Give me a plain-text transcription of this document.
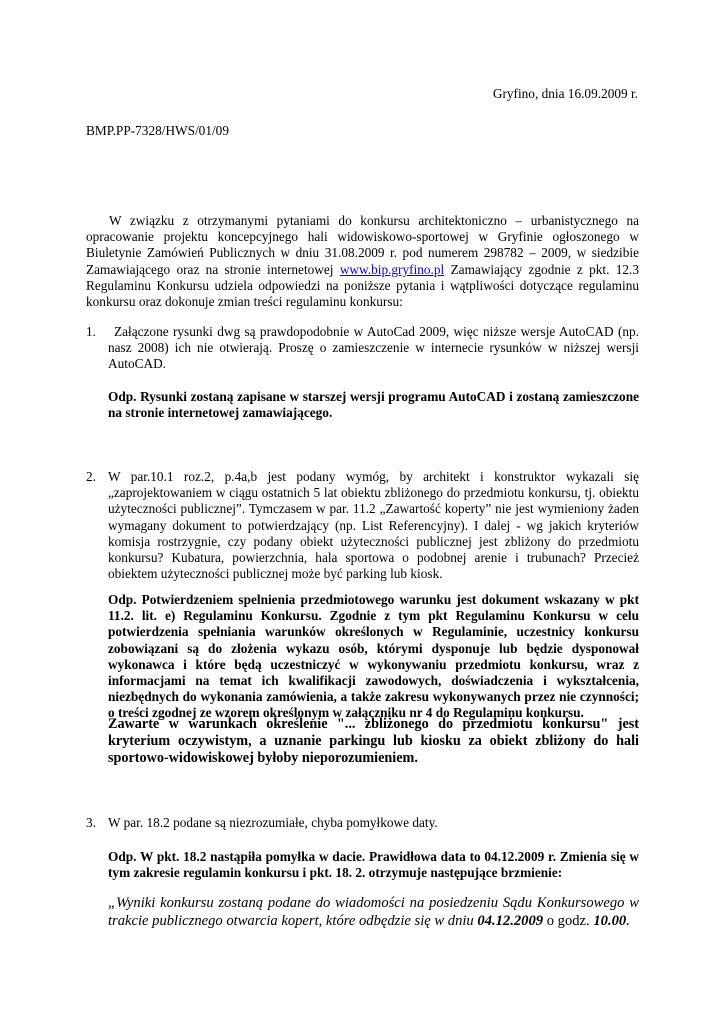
Gryfino, dnia 16.09.2009 r.
BMP.PP-7328/HWS/01/09
W związku z otrzymanymi pytaniami do konkursu architektoniczno – urbanistycznego na opracowanie projektu koncepcyjnego hali widowiskowo-sportowej w Gryfinie ogłoszonego w Biuletynie Zamówień Publicznych w dniu 31.08.2009 r. pod numerem 298782 – 2009, w siedzibie Zamawiającego oraz na stronie internetowej www.bip.gryfino.pl Zamawiający zgodnie z pkt. 12.3 Regulaminu Konkursu udziela odpowiedzi na poniższe pytania i wątpliwości dotyczące regulaminu konkursu oraz dokonuje zmian treści regulaminu konkursu:
1.	Załączone rysunki dwg są prawdopodobnie w AutoCad 2009, więc niższe wersje AutoCAD (np. nasz 2008) ich nie otwierają. Proszę o zamieszczenie w internecie rysunków w niższej wersji AutoCAD.
Odp. Rysunki zostaną zapisane w starszej wersji programu AutoCAD i zostaną zamieszczone na stronie internetowej zamawiającego.
2. W par.10.1 roz.2, p.4a,b jest podany wymóg, by architekt i konstruktor wykazali się „zaprojektowaniem w ciągu ostatnich 5 lat obiektu zbliżonego do przedmiotu konkursu, tj. obiektu użyteczności publicznej”. Tymczasem w par. 11.2 „Zawartość koperty” nie jest wymieniony żaden wymagany dokument to potwierdzający (np. List Referencyjny). I dalej - wg jakich kryteriów komisja rostrzygnie, czy podany obiekt użyteczności publicznej jest zbliżony do przedmiotu konkursu? Kubatura, powierzchnia, hala sportowa o podobnej arenie i trubunach? Przecież obiektem użyteczności publicznej może być parking lub kiosk.
Odp. Potwierdzeniem spelnienia przedmiotowego warunku jest dokument wskazany w pkt 11.2. lit. e) Regulaminu Konkursu. Zgodnie z tym pkt Regulaminu Konkursu w celu potwierdzenia spełniania warunków określonych w Regulaminie, uczestnicy konkursu zobowiązani są do złożenia wykazu osób, którymi dysponuje lub będzie dysponował wykonawca i które będą uczestniczyć w wykonywaniu przedmiotu konkursu, wraz z informacjami na temat ich kwalifikacji zawodowych, doświadczenia i wykształcenia, niezbędnych do wykonania zamówienia, a także zakresu wykonywanych przez nie czynności; o treści zgodnej ze wzorem określonym w załączniku nr 4 do Regulaminu konkursu.
Zawarte w warunkach określenie "... zbliżonego do przedmiotu konkursu" jest kryterium oczywistym, a uznanie parkingu lub kiosku za obiekt zbliżony do hali sportowo-widowiskowej byłoby nieporozumieniem.
3. W par. 18.2 podane są niezrozumiałe, chyba pomyłkowe daty.
Odp. W pkt. 18.2 nastąpiła pomyłka w dacie. Prawidłowa data to 04.12.2009 r. Zmienia się w tym zakresie regulamin konkursu i pkt. 18. 2. otrzymuje następujące brzmienie:
„Wyniki konkursu zostaną podane do wiadomości na posiedzeniu Sądu Konkursowego w trakcie publicznego otwarcia kopert, które odbędzie się w dniu 04.12.2009 o godz. 10.00.
